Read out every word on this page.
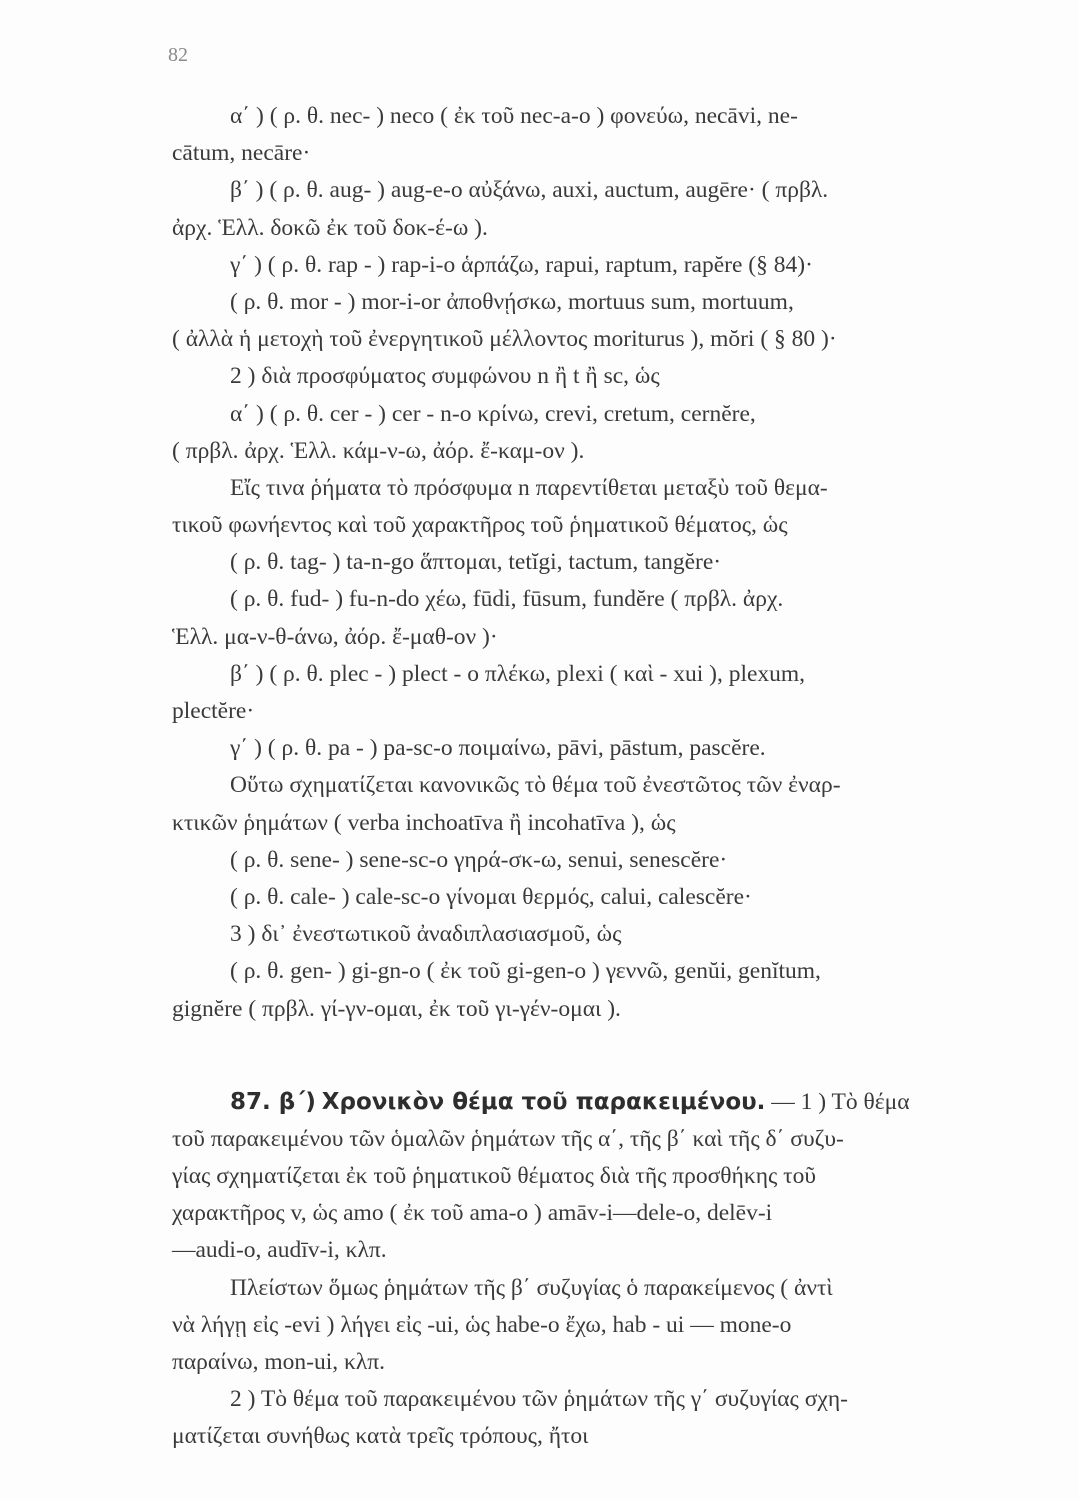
82
α΄ ) ( ρ. θ. nec- ) neco ( ἐκ τοῦ nec-a-o ) φονεύω, necāvi, ne-
cātum, necāre·
β΄ ) ( ρ. θ. aug- ) aug-e-o αὐξάνω, auxi, auctum, augēre· ( πρβλ.
ἀρχ. Ἑλλ. δοκῶ ἐκ τοῦ δοκ-έ-ω ).
γ΄ ) ( ρ. θ. rap - ) rap-i-o ἁρπάζω, rapui, raptum, rapĕre (§ 84)·
( ρ. θ. mor - ) mor-i-or ἀποθνῄσκω, mortuus sum, mortuum,
( ἀλλὰ ἡ μετοχὴ τοῦ ἐνεργητικοῦ μέλλοντος moriturus ), mŏri ( § 80 )·
2 ) διὰ προσφύματος συμφώνου n ἢ t ἢ sc, ὡς
α΄ ) ( ρ. θ. cer - ) cer - n-o κρίνω, crevi, cretum, cernĕre,
( πρβλ. ἀρχ. Ἑλλ. κάμ-ν-ω, ἀόρ. ἔ-καμ-ον ).
Εἴς τινα ῥήματα τὸ πρόσφυμα n παρεντίθεται μεταξὺ τοῦ θεμα-
τικοῦ φωνήεντος καὶ τοῦ χαρακτῆρος τοῦ ῥηματικοῦ θέματος, ὡς
( ρ. θ. tag- ) ta-n-go ἅπτομαι, tetĭgi, tactum, tangĕre·
( ρ. θ. fud- ) fu-n-do χέω, fūdi, fūsum, fundĕre ( πρβλ. ἀρχ.
Ἑλλ. μα-ν-θ-άνω, ἀόρ. ἔ-μαθ-ον )·
β΄ ) ( ρ. θ. plec - ) plect - o πλέκω, plexi ( καὶ - xui ), plexum,
plectĕre·
γ΄ ) ( ρ. θ. pa - ) pa-sc-o ποιμαίνω, pāvi, pāstum, pascĕre.
Οὕτω σχηματίζεται κανονικῶς τὸ θέμα τοῦ ἐνεστῶτος τῶν ἐναρ-
κτικῶν ῥημάτων ( verba inchoatīva ἢ incohatīva ), ὡς
( ρ. θ. sene- ) sene-sc-o γηρά-σκ-ω, senui, senescĕre·
( ρ. θ. cale- ) cale-sc-o γίνομαι θερμός, calui, calescĕre·
3 ) δι᾽ ἐνεστωτικοῦ ἀναδιπλασιασμοῦ, ὡς
( ρ. θ. gen- ) gi-gn-o ( ἐκ τοῦ gi-gen-o ) γεννῶ, genŭi, genĭtum,
gignĕre ( πρβλ. γί-γν-ομαι, ἐκ τοῦ γι-γέν-ομαι ).
87. β΄) Χρονικὸν θέμα τοῦ παρακειμένου. — 1 ) Τὸ θέμα
τοῦ παρακειμένου τῶν ὁμαλῶν ῥημάτων τῆς α΄, τῆς β΄ καὶ τῆς δ΄ συζυ-
γίας σχηματίζεται ἐκ τοῦ ῥηματικοῦ θέματος διὰ τῆς προσθήκης τοῦ
χαρακτῆρος v, ὡς amo ( ἐκ τοῦ ama-o ) amāv-i—dele-o, delēv-i
—audi-o, audīv-i, κλπ.
Πλείστων ὅμως ῥημάτων τῆς β΄ συζυγίας ὁ παρακείμενος ( ἀντὶ
νὰ λήγῃ εἰς -evi ) λήγει εἰς -ui, ὡς habe-o ἔχω, hab - ui — mone-o
παραίνω, mon-ui, κλπ.
2 ) Τὸ θέμα τοῦ παρακειμένου τῶν ῥημάτων τῆς γ΄ συζυγίας σχη-
ματίζεται συνήθως κατὰ τρεῖς τρόπους, ἤτοι
